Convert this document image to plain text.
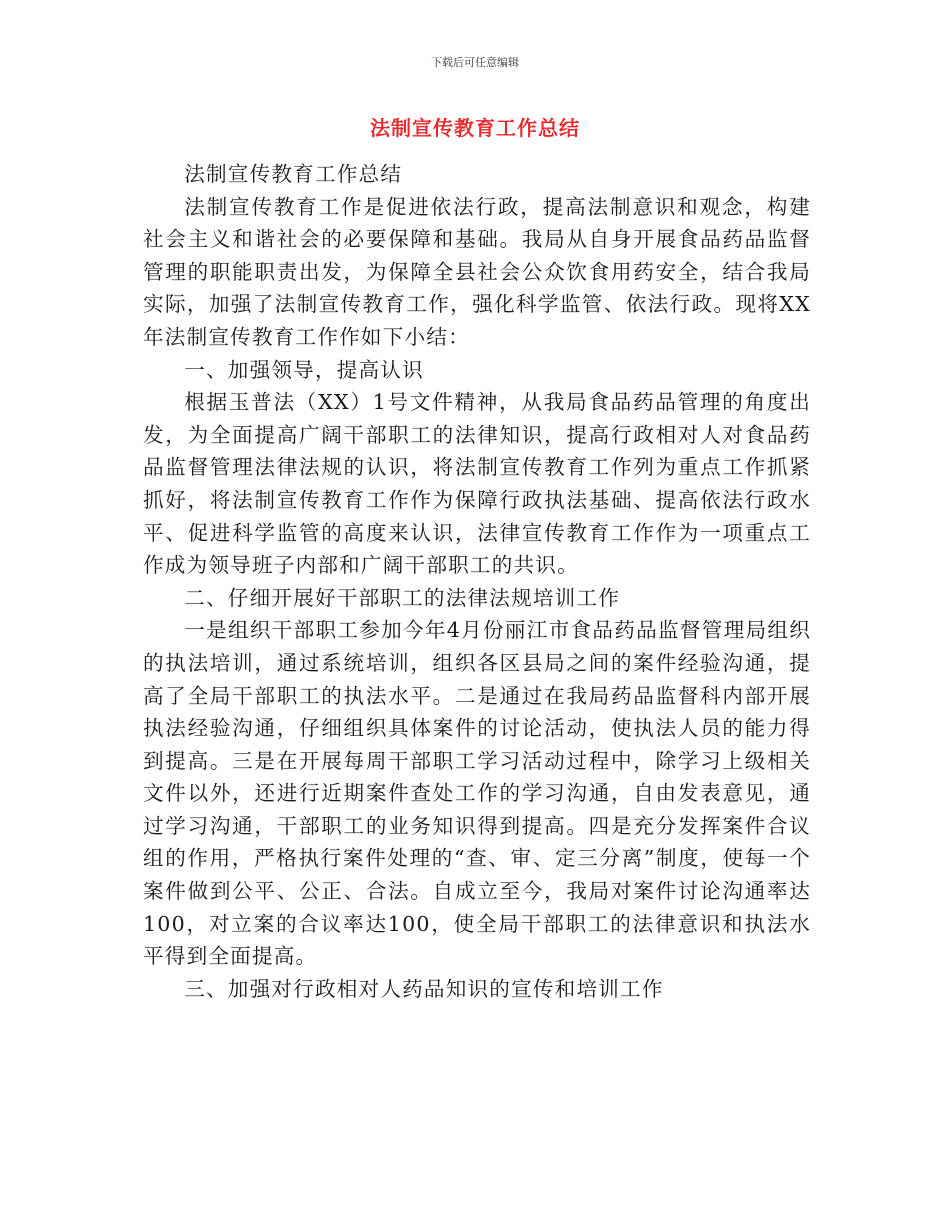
下载后可任意编辑
法制宣传教育工作总结

法制宣传教育工作总结

法制宣传教育工作是促进依法行政，提高法制意识和观念，构建社会主义和谐社会的必要保障和基础。我局从自身开展食品药品监督管理的职能职责出发，为保障全县社会公众饮食用药安全，结合我局实际，加强了法制宣传教育工作，强化科学监管、依法行政。现将XX年法制宣传教育工作作如下小结：

一、加强领导，提高认识

根据玉普法（XX）1号文件精神，从我局食品药品管理的角度出发，为全面提高广阔干部职工的法律知识，提高行政相对人对食品药品监督管理法律法规的认识，将法制宣传教育工作列为重点工作抓紧抓好，将法制宣传教育工作作为保障行政执法基础、提高依法行政水平、促进科学监管的高度来认识，法律宣传教育工作作为一项重点工作成为领导班子内部和广阔干部职工的共识。

二、仔细开展好干部职工的法律法规培训工作

一是组织干部职工参加今年4月份丽江市食品药品监督管理局组织的执法培训，通过系统培训，组织各区县局之间的案件经验沟通，提高了全局干部职工的执法水平。二是通过在我局药品监督科内部开展执法经验沟通，仔细组织具体案件的讨论活动，使执法人员的能力得到提高。三是在开展每周干部职工学习活动过程中，除学习上级相关文件以外，还进行近期案件查处工作的学习沟通，自由发表意见，通过学习沟通，干部职工的业务知识得到提高。四是充分发挥案件合议组的作用，严格执行案件处理的“查、审、定三分离”制度，使每一个案件做到公平、公正、合法。自成立至今，我局对案件讨论沟通率达100，对立案的合议率达100，使全局干部职工的法律意识和执法水平得到全面提高。

三、加强对行政相对人药品知识的宣传和培训工作
